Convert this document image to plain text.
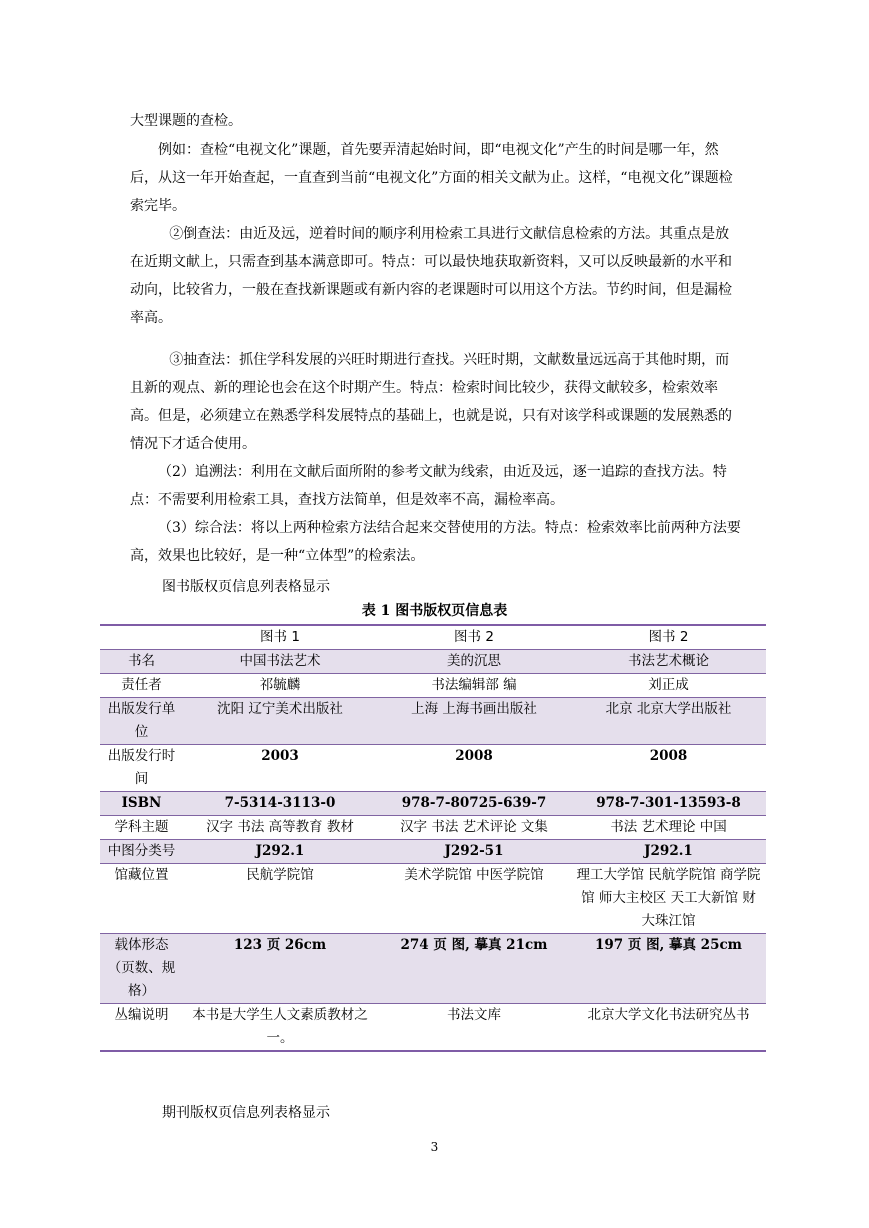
大型课题的查检。

例如：查检“电视文化”课题，首先要弄清起始时间，即“电视文化”产生的时间是哪一年，然后，从这一年开始查起，一直查到当前“电视文化”方面的相关文献为止。这样，“电视文化”课题检索完毕。

②倒查法：由近及远，逆着时间的顺序利用检索工具进行文献信息检索的方法。其重点是放在近期文献上，只需查到基本满意即可。特点：可以最快地获取新资料，又可以反映最新的水平和动向，比较省力，一般在查找新课题或有新内容的老课题时可以用这个方法。节约时间，但是漏检率高。

③抽查法：抓住学科发展的兴旺时期进行查找。兴旺时期，文献数量远远高于其他时期，而且新的观点、新的理论也会在这个时期产生。特点：检索时间比较少，获得文献较多，检索效率高。但是，必须建立在熟悉学科发展特点的基础上，也就是说，只有对该学科或课题的发展熟悉的情况下才适合使用。

（2）追溯法：利用在文献后面所附的参考文献为线索，由近及远，逐一追踪的查找方法。特点：不需要利用检索工具，查找方法简单，但是效率不高，漏检率高。

（3）综合法：将以上两种检索方法结合起来交替使用的方法。特点：检索效率比前两种方法要高，效果也比较好，是一种“立体型”的检索法。

图书版权页信息列表格显示
表 1 图书版权页信息表
	图书 1	图书 2	图书 2
书名	中国书法艺术	美的沉思	书法艺术概论
责任者	祁毓麟	书法编辑部 编	刘正成
出版发行单位	沈阳 辽宁美术出版社	上海 上海书画出版社	北京 北京大学出版社
出版发行时间	2003	2008	2008
ISBN	7-5314-3113-0	978-7-80725-639-7	978-7-301-13593-8
学科主题	汉字 书法 高等教育 教材	汉字 书法 艺术评论 文集	书法 艺术理论 中国
中图分类号	J292.1	J292-51	J292.1
馆藏位置	民航学院馆	美术学院馆 中医学院馆	理工大学馆 民航学院馆 商学院馆 师大主校区 天工大新馆 财大珠江馆
载体形态（页数、规格）	123 页 26cm	274 页 图, 摹真 21cm	197 页 图, 摹真 25cm
丛编说明	本书是大学生人文素质教材之一。	书法文库	北京大学文化书法研究丛书
期刊版权页信息列表格显示
3
